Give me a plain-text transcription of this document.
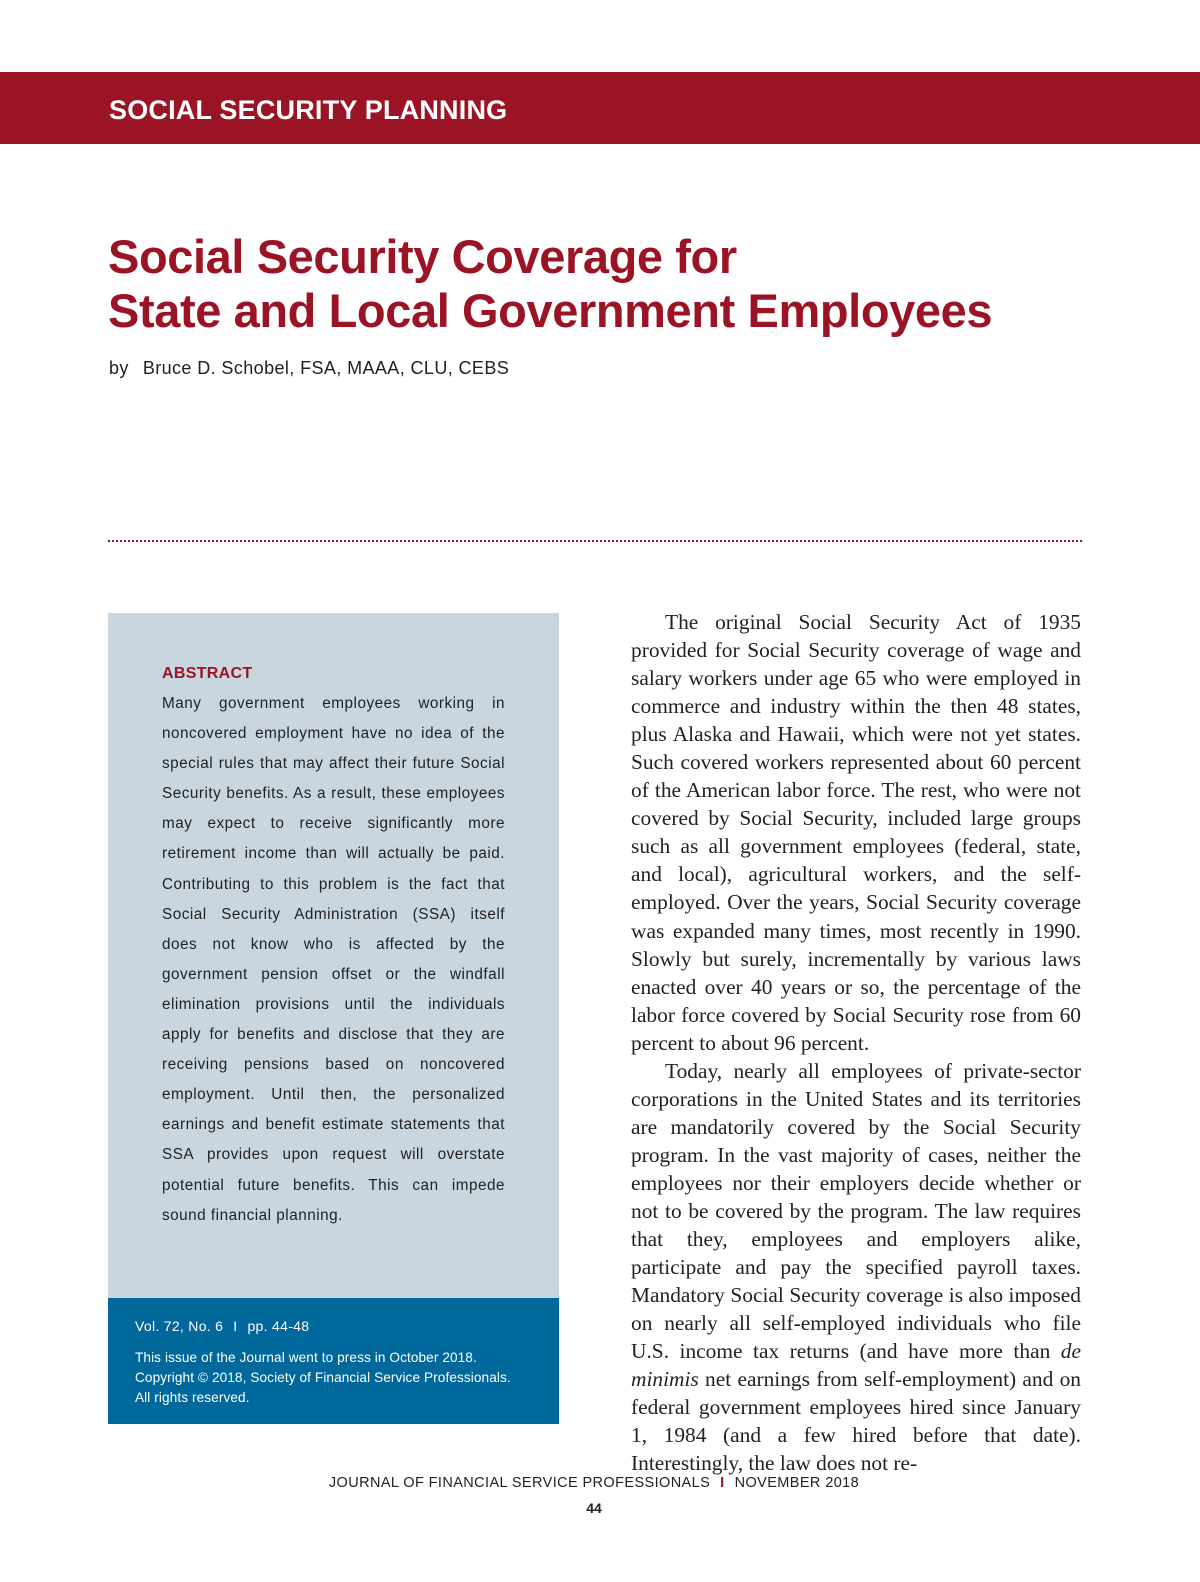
SOCIAL SECURITY PLANNING
Social Security Coverage for
State and Local Government Employees
by Bruce D. Schobel, FSA, MAAA, CLU, CEBS
ABSTRACT

Many government employees working in noncovered employment have no idea of the special rules that may affect their future Social Security benefits. As a result, these employees may expect to receive significantly more retirement income than will actually be paid. Contributing to this problem is the fact that Social Security Administration (SSA) itself does not know who is affected by the government pension offset or the windfall elimination provisions until the individuals apply for benefits and disclose that they are receiving pensions based on noncovered employment. Until then, the personalized earnings and benefit estimate statements that SSA provides upon request will overstate potential future benefits. This can impede sound financial planning.

Vol. 72, No. 6 I pp. 44-48

This issue of the Journal went to press in October 2018.
Copyright © 2018, Society of Financial Service Professionals.
All rights reserved.

The original Social Security Act of 1935 provided for Social Security coverage of wage and salary workers under age 65 who were employed in commerce and industry within the then 48 states, plus Alaska and Hawaii, which were not yet states. Such covered workers represented about 60 percent of the American labor force. The rest, who were not covered by Social Security, included large groups such as all government employees (federal, state, and local), agricultural workers, and the self-employed. Over the years, Social Security coverage was expanded many times, most recently in 1990. Slowly but surely, incrementally by various laws enacted over 40 years or so, the percentage of the labor force covered by Social Security rose from 60 percent to about 96 percent.

Today, nearly all employees of private-sector corporations in the United States and its territories are mandatorily covered by the Social Security program. In the vast majority of cases, neither the employees nor their employers decide whether or not to be covered by the program. The law requires that they, employees and employers alike, participate and pay the specified payroll taxes. Mandatory Social Security coverage is also imposed on nearly all self-employed individuals who file U.S. income tax returns (and have more than de minimis net earnings from self-employment) and on federal government employees hired since January 1, 1984 (and a few hired before that date). Interestingly, the law does not re-

JOURNAL OF FINANCIAL SERVICE PROFESSIONALS I NOVEMBER 2018
44
